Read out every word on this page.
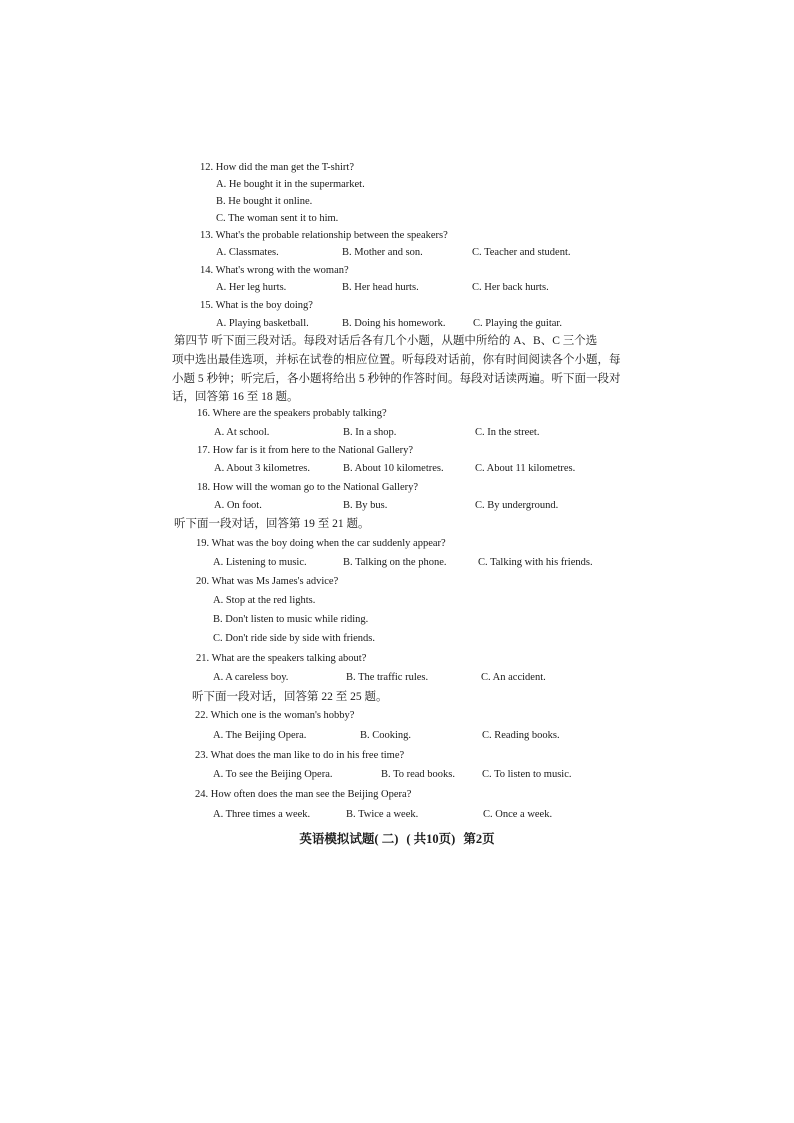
12. How did the man get the T-shirt?
A. He bought it in the supermarket.
B. He bought it online.
C. The woman sent it to him.
13. What's the probable relationship between the speakers?
A. Classmates.	B. Mother and son.	C. Teacher and student.
14. What's wrong with the woman?
A. Her leg hurts.	B. Her head hurts.	C. Her back hurts.
15. What is the boy doing?
A. Playing basketball.	B. Doing his homework.	C. Playing the guitar.
第四节 听下面三段对话。每段对话后各有几个小题，从题中所给的 A、B、C 三个选
项中选出最佳选项，并标在试卷的相应位置。听每段对话前，你有时间阅读各个小题，每
小题 5 秒钟；听完后，各小题将给出 5 秒钟的作答时间。每段对话读两遍。听下面一段对
话，回答第 16 至 18 题。
16. Where are the speakers probably talking?
A. At school.	B. In a shop.	C. In the street.
17. How far is it from here to the National Gallery?
A. About 3 kilometres.	B. About 10 kilometres.	C. About 11 kilometres.
18. How will the woman go to the National Gallery?
A. On foot.	B. By bus.	C. By underground.
听下面一段对话，回答第 19 至 21 题。
19. What was the boy doing when the car suddenly appear?
A. Listening to music.	B. Talking on the phone.	C. Talking with his friends.
20. What was Ms James's advice?
A. Stop at the red lights.
B. Don't listen to music while riding.
C. Don't ride side by side with friends.
21. What are the speakers talking about?
A. A careless boy.	B. The traffic rules.	C. An accident.
听下面一段对话，回答第 22 至 25 题。
22. Which one is the woman's hobby?
A. The Beijing Opera.	B. Cooking.	C. Reading books.
23. What does the man like to do in his free time?
A. To see the Beijing Opera.	B. To read books.	C. To listen to music.
24. How often does the man see the Beijing Opera?
A. Three times a week.	B. Twice a week.	C. Once a week.
英语模拟试题( 二) ( 共10页) 第2页
